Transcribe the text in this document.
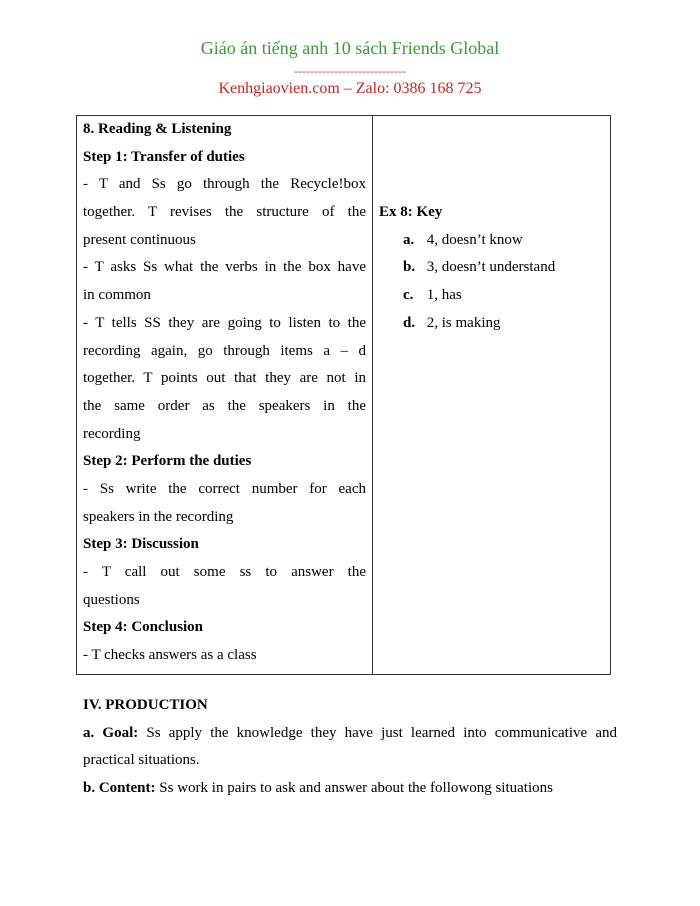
Giáo án tiếng anh 10 sách Friends Global
----------------------------
Kenhgiaovien.com – Zalo: 0386 168 725
8. Reading & Listening
Step 1: Transfer of duties
- T and Ss go through the Recycle!box
together. T revises the structure of the
present continuous
- T asks Ss what the verbs in the box have
in common
- T tells SS they are going to listen to the
recording again, go through items a – d
together. T points out that they are not in
the same order as the speakers in the
recording
Step 2: Perform the duties
- Ss write the correct number for each
speakers in the recording
Step 3: Discussion
- T call out some ss to answer the
questions
Step 4: Conclusion
- T checks answers as a class

Ex 8: Key
a. 4, doesn’t know
b. 3, doesn’t understand
c. 1, has
d. 2, is making
IV. PRODUCTION
a. Goal: Ss apply the knowledge they have just learned into communicative and
practical situations.
b. Content: Ss work in pairs to ask and answer about the followong situations
